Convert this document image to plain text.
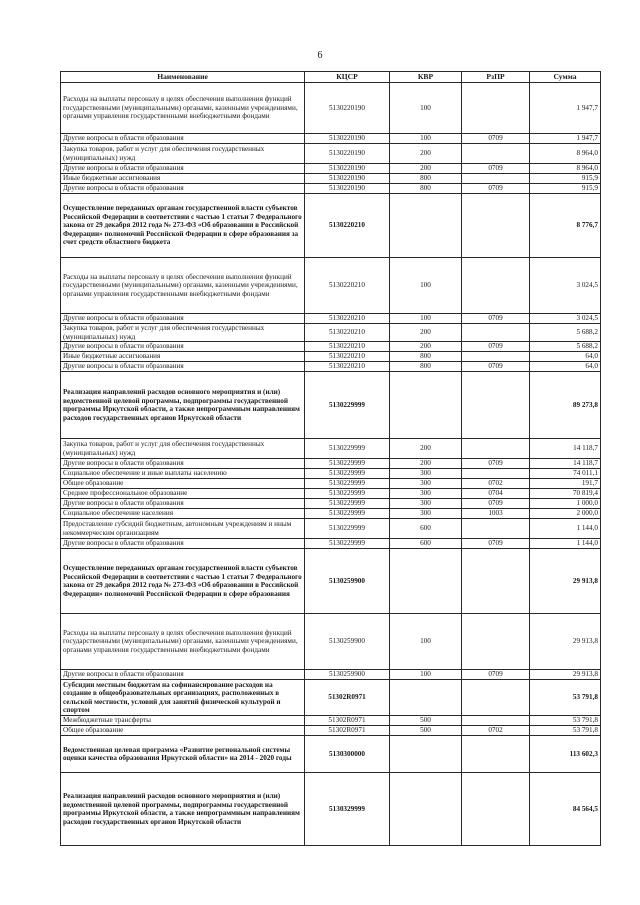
6
Наименование	КЦСР	КВР	РзПР	Сумма
Расходы на выплаты персоналу в целях обеспечения выполнения функций государственными (муниципальными) органами, казенными учреждениями, органами управления государственными внебюджетными фондами	5130220190	100		1 947,7
Другие вопросы в области образования	5130220190	100	0709	1 947,7
Закупка товаров, работ и услуг для обеспечения государственных (муниципальных) нужд	5130220190	200		8 964,0
Другие вопросы в области образования	5130220190	200	0709	8 964,0
Иные бюджетные ассигнования	5130220190	800		915,9
Другие вопросы в области образования	5130220190	800	0709	915,9
Осуществление переданных органам государственной власти субъектов Российской Федерации в соответствии с частью 1 статьи 7 Федерального закона от 29 декабря 2012 года № 273-ФЗ «Об образовании в Российской Федерации» полномочий Российской Федерации в сфере образования за счет средств областного бюджета	5130220210			8 776,7
Расходы на выплаты персоналу в целях обеспечения выполнения функций государственными (муниципальными) органами, казенными учреждениями, органами управления государственными внебюджетными фондами	5130220210	100		3 024,5
Другие вопросы в области образования	5130220210	100	0709	3 024,5
Закупка товаров, работ и услуг для обеспечения государственных (муниципальных) нужд	5130220210	200		5 688,2
Другие вопросы в области образования	5130220210	200	0709	5 688,2
Иные бюджетные ассигнования	5130220210	800		64,0
Другие вопросы в области образования	5130220210	800	0709	64,0
Реализация направлений расходов основного мероприятия и (или) ведомственной целевой программы, подпрограммы государственной программы Иркутской области, а также непрограммным направлениям расходов государственных органов Иркутской области	5130229999			89 273,8
Закупка товаров, работ и услуг для обеспечения государственных (муниципальных) нужд	5130229999	200		14 118,7
Другие вопросы в области образования	5130229999	200	0709	14 118,7
Социальное обеспечение и иные выплаты населению	5130229999	300		74 011,1
Общее образование	5130229999	300	0702	191,7
Среднее профессиональное образование	5130229999	300	0704	70 819,4
Другие вопросы в области образования	5130229999	300	0709	1 000,0
Социальное обеспечение населения	5130229999	300	1003	2 000,0
Предоставление субсидий бюджетным, автономным учреждениям и иным некоммерческим организациям	5130229999	600		1 144,0
Другие вопросы в области образования	5130229999	600	0709	1 144,0
Осуществление переданных органам государственной власти субъектов Российской Федерации в соответствии с частью 1 статьи 7 Федерального закона от 29 декабря 2012 года № 273-ФЗ «Об образовании в Российской Федерации» полномочий Российской Федерации в сфере образования	5130259900			29 913,8
Расходы на выплаты персоналу в целях обеспечения выполнения функций государственными (муниципальными) органами, казенными учреждениями, органами управления государственными внебюджетными фондами	5130259900	100		29 913,8
Другие вопросы в области образования	5130259900	100	0709	29 913,8
Субсидии местным бюджетам на софинансирование расходов на создание в общеобразовательных организациях, расположенных в сельской местности, условий для занятий физической культурой и спортом	51302R0971			53 791,8
Межбюджетные трансферты	51302R0971	500		53 791,8
Общее образование	51302R0971	500	0702	53 791,8
Ведомственная целевая программа «Развитие региональной системы оценки качества образования Иркутской области» на 2014 - 2020 годы	5130300000			113 602,3
Реализация направлений расходов основного мероприятия и (или) ведомственной целевой программы, подпрограммы государственной программы Иркутской области, а также непрограммным направлениям расходов государственных органов Иркутской области	5130329999			84 564,5
